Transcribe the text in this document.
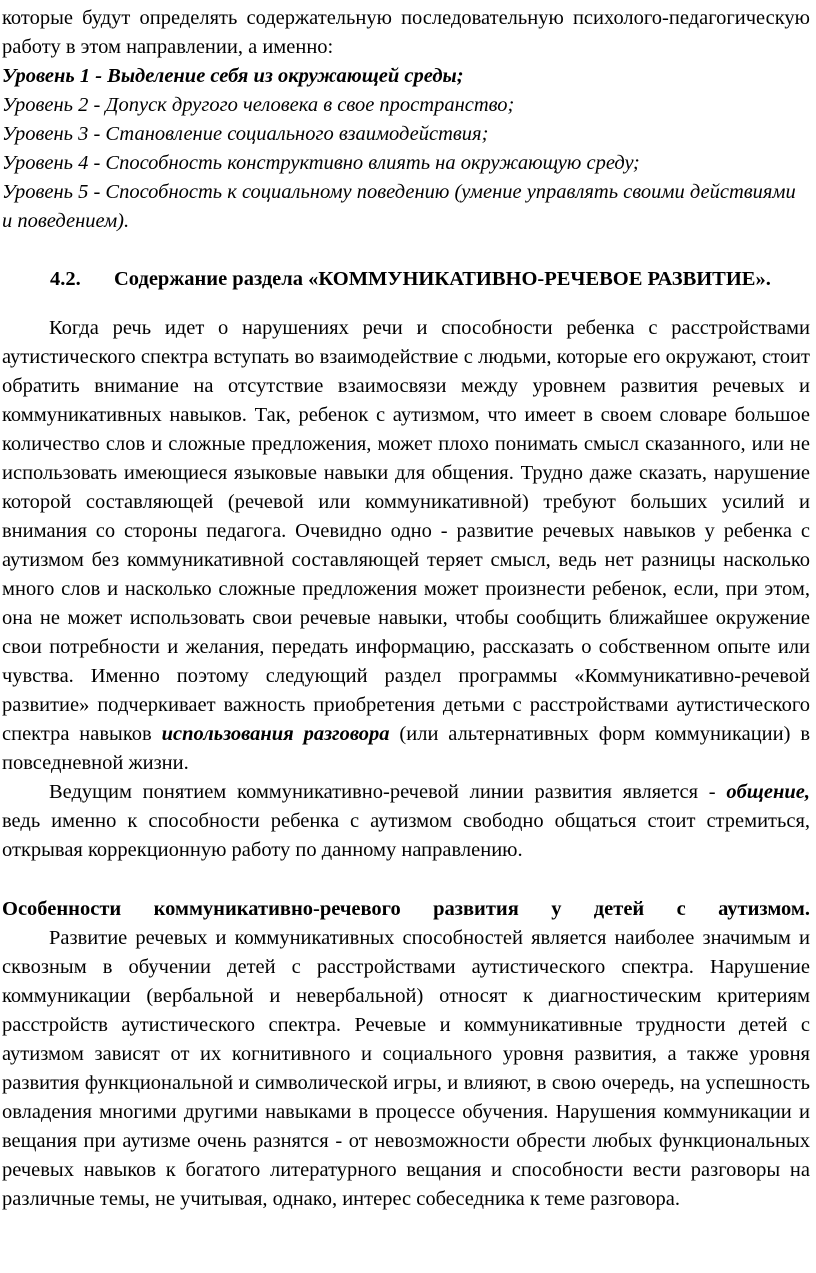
которые будут определять содержательную последовательную психолого-педагогическую работу в этом направлении, а именно:

Уровень 1 - Выделение себя из окружающей среды;

Уровень 2 - Допуск другого человека в свое пространство;

Уровень 3 - Становление социального взаимодействия;

Уровень 4 - Способность конструктивно влиять на окружающую среду;

Уровень 5 - Способность к социальному поведению (умение управлять своими действиями и поведением).

4.2.	Содержание раздела «КОММУНИКАТИВНО-РЕЧЕВОЕ РАЗВИТИЕ».

Когда речь идет о нарушениях речи и способности ребенка с расстройствами аутистического спектра вступать во взаимодействие с людьми, которые его окружают, стоит обратить внимание на отсутствие взаимосвязи между уровнем развития речевых и коммуникативных навыков. Так, ребенок с аутизмом, что имеет в своем словаре большое количество слов и сложные предложения, может плохо понимать смысл сказанного, или не использовать имеющиеся языковые навыки для общения. Трудно даже сказать, нарушение которой составляющей (речевой или коммуникативной) требуют больших усилий и внимания со стороны педагога. Очевидно одно - развитие речевых навыков у ребенка с аутизмом без коммуникативной составляющей теряет смысл, ведь нет разницы насколько много слов и насколько сложные предложения может произнести ребенок, если, при этом, она не может использовать свои речевые навыки, чтобы сообщить ближайшее окружение свои потребности и желания, передать информацию, рассказать о собственном опыте или чувства. Именно поэтому следующий раздел программы «Коммуникативно-речевой развитие» подчеркивает важность приобретения детьми с расстройствами аутистического спектра навыков использования разговора (или альтернативных форм коммуникации) в повседневной жизни.

Ведущим понятием коммуникативно-речевой линии развития является - общение, ведь именно к способности ребенка с аутизмом свободно общаться стоит стремиться, открывая коррекционную работу по данному направлению.

Особенности коммуникативно-речевого развития у детей с аутизмом.

Развитие речевых и коммуникативных способностей является наиболее значимым и сквозным в обучении детей с расстройствами аутистического спектра. Нарушение коммуникации (вербальной и невербальной) относят к диагностическим критериям расстройств аутистического спектра. Речевые и коммуникативные трудности детей с аутизмом зависят от их когнитивного и социального уровня развития, а также уровня развития функциональной и символической игры, и влияют, в свою очередь, на успешность овладения многими другими навыками в процессе обучения. Нарушения коммуникации и вещания при аутизме очень разнятся - от невозможности обрести любых функциональных речевых навыков к богатого литературного вещания и способности вести разговоры на различные темы, не учитывая, однако, интерес собеседника к теме разговора.
